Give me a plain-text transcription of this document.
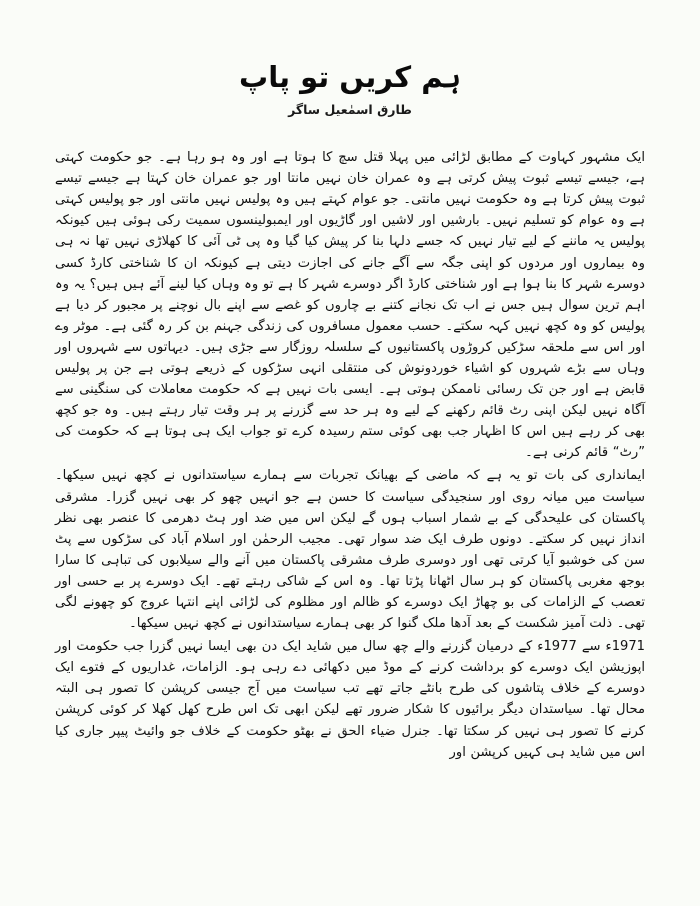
ہم کریں تو پاپ

طارق اسمٰعیل ساگر

ایک مشہور کہاوت کے مطابق لڑائی میں پہلا قتل سچ کا ہوتا ہے اور وہ ہو رہا ہے۔ جو حکومت کہتی ہے، جیسے تیسے ثبوت پیش کرتی ہے وہ عمران خان نہیں مانتا اور جو عمران خان کہتا ہے جیسے تیسے ثبوت پیش کرتا ہے وہ حکومت نہیں مانتی۔ جو عوام کہتے ہیں وہ پولیس نہیں مانتی اور جو پولیس کہتی ہے وہ عوام کو تسلیم نہیں۔ بارشیں اور لاشیں اور گاڑیوں اور ایمبولینسوں سمیت رکی ہوئی ہیں کیونکہ پولیس یہ ماننے کے لیے تیار نہیں کہ جسے دلہا بنا کر پیش کیا گیا وہ پی ٹی آئی کا کھلاڑی نہیں تھا نہ ہی وہ بیماروں اور مردوں کو اپنی جگہ سے آگے جانے کی اجازت دیتی ہے کیونکہ ان کا شناختی کارڈ کسی دوسرے شہر کا بنا ہوا ہے اور شناختی کارڈ اگر دوسرے شہر کا ہے تو وہ وہاں کیا لینے آئے ہیں ہیں؟ یہ وہ اہم ترین سوال ہیں جس نے اب تک نجانے کتنے بے چاروں کو غصے سے اپنے بال نوچنے پر مجبور کر دیا ہے پولیس کو وہ کچھ نہیں کہہ سکتے۔ حسب معمول مسافروں کی زندگی جہنم بن کر رہ گئی ہے۔ موٹر وے اور اس سے ملحقہ سڑکیں کروڑوں پاکستانیوں کے سلسلہ روزگار سے جڑی ہیں۔ دیہاتوں سے شہروں اور وہاں سے بڑے شہروں کو اشیاء خوردونوش کی منتقلی انہی سڑکوں کے ذریعے ہوتی ہے جن پر پولیس قابض ہے اور جن تک رسائی ناممکن ہوتی ہے۔ ایسی بات نہیں ہے کہ حکومت معاملات کی سنگینی سے آگاہ نہیں لیکن اپنی رٹ قائم رکھنے کے لیے وہ ہر حد سے گزرنے پر ہر وقت تیار رہتے ہیں۔ وہ جو کچھ بھی کر رہے ہیں اس کا اظہار جب بھی کوئی ستم رسیدہ کرے تو جواب ایک ہی ہوتا ہے کہ حکومت کی ”رٹ“ قائم کرنی ہے۔

ایمانداری کی بات تو یہ ہے کہ ماضی کے بھیانک تجربات سے ہمارے سیاستدانوں نے کچھ نہیں سیکھا۔ سیاست میں میانہ روی اور سنجیدگی سیاست کا حسن ہے جو انہیں چھو کر بھی نہیں گزرا۔ مشرقی پاکستان کی علیحدگی کے بے شمار اسباب ہوں گے لیکن اس میں ضد اور ہٹ دھرمی کا عنصر بھی نظر انداز نہیں کر سکتے۔ دونوں طرف ایک ضد سوار تھی۔ مجیب الرحمٰن اور اسلام آباد کی سڑکوں سے پٹ سن کی خوشبو آیا کرتی تھی اور دوسری طرف مشرقی پاکستان میں آنے والے سیلابوں کی تباہی کا سارا بوجھ مغربی پاکستان کو ہر سال اٹھانا پڑتا تھا۔ وہ اس کے شاکی رہتے تھے۔ ایک دوسرے پر بے حسی اور تعصب کے الزامات کی بو چھاڑ ایک دوسرے کو ظالم اور مظلوم کی لڑائی اپنے انتہا عروج کو چھونے لگی تھی۔ ذلت آمیز شکست کے بعد آدھا ملک گنوا کر بھی ہمارے سیاستدانوں نے کچھ نہیں سیکھا۔

1971ء سے 1977ء کے درمیان گزرنے والے چھ سال میں شاید ایک دن بھی ایسا نہیں گزرا جب حکومت اور اپوزیشن ایک دوسرے کو برداشت کرنے کے موڈ میں دکھائی دے رہی ہو۔ الزامات، غداریوں کے فتوے ایک دوسرے کے خلاف پتاشوں کی طرح بانٹے جاتے تھے تب سیاست میں آج جیسی کرپشن کا تصور ہی البتہ محال تھا۔ سیاستدان دیگر برائیوں کا شکار ضرور تھے لیکن ابھی تک اس طرح کھل کھلا کر کوئی کرپشن کرنے کا تصور ہی نہیں کر سکتا تھا۔ جنرل ضیاء الحق نے بھٹو حکومت کے خلاف جو وائیٹ پیپر جاری کیا اس میں شاید ہی کہیں کرپشن اور
